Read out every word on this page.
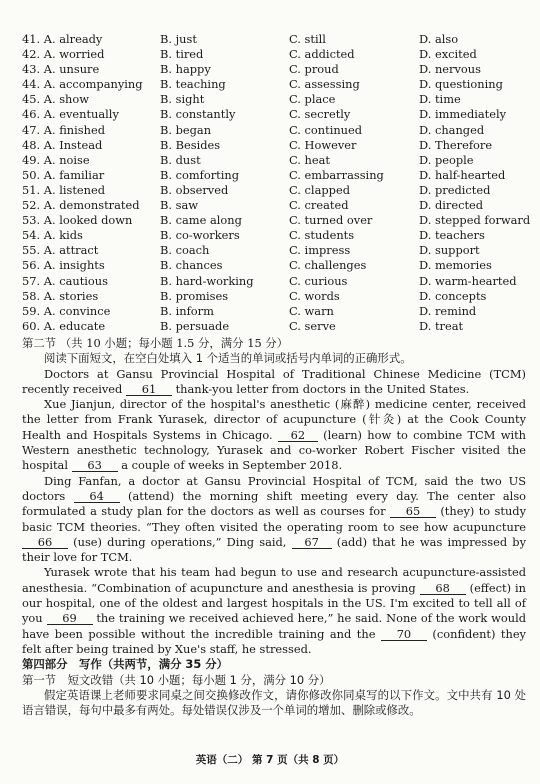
41. A. already	B. just	C. still	D. also
42. A. worried	B. tired	C. addicted	D. excited
43. A. unsure	B. happy	C. proud	D. nervous
44. A. accompanying	B. teaching	C. assessing	D. questioning
45. A. show	B. sight	C. place	D. time
46. A. eventually	B. constantly	C. secretly	D. immediately
47. A. finished	B. began	C. continued	D. changed
48. A. Instead	B. Besides	C. However	D. Therefore
49. A. noise	B. dust	C. heat	D. people
50. A. familiar	B. comforting	C. embarrassing	D. half-hearted
51. A. listened	B. observed	C. clapped	D. predicted
52. A. demonstrated	B. saw	C. created	D. directed
53. A. looked down	B. came along	C. turned over	D. stepped forward
54. A. kids	B. co-workers	C. students	D. teachers
55. A. attract	B. coach	C. impress	D. support
56. A. insights	B. chances	C. challenges	D. memories
57. A. cautious	B. hard-working	C. curious	D. warm-hearted
58. A. stories	B. promises	C. words	D. concepts
59. A. convince	B. inform	C. warn	D. remind
60. A. educate	B. persuade	C. serve	D. treat

第二节 （共 10 小题；每小题 1.5 分，满分 15 分）

阅读下面短文，在空白处填入 1 个适当的单词或括号内单词的正确形式。

Doctors at Gansu Provincial Hospital of Traditional Chinese Medicine (TCM) recently received 61 thank-you letter from doctors in the United States.

Xue Jianjun, director of the hospital's anesthetic (麻醉) medicine center, received the letter from Frank Yurasek, director of acupuncture (针灸) at the Cook County Health and Hospitals Systems in Chicago. 62 (learn) how to combine TCM with Western anesthetic technology, Yurasek and co-worker Robert Fischer visited the hospital 63 a couple of weeks in September 2018.

Ding Fanfan, a doctor at Gansu Provincial Hospital of TCM, said the two US doctors 64 (attend) the morning shift meeting every day. The center also formulated a study plan for the doctors as well as courses for 65 (they) to study basic TCM theories. “They often visited the operating room to see how acupuncture 66 (use) during operations,” Ding said, 67 (add) that he was impressed by their love for TCM.

Yurasek wrote that his team had begun to use and research acupuncture-assisted anesthesia. “Combination of acupuncture and anesthesia is proving 68 (effect) in our hospital, one of the oldest and largest hospitals in the US. I'm excited to tell all of you 69 the training we received achieved here,” he said. None of the work would have been possible without the incredible training and the 70 (confident) they felt after being trained by Xue's staff, he stressed.

第四部分　写作（共两节，满分 35 分）

第一节　短文改错（共 10 小题；每小题 1 分，满分 10 分）

假定英语课上老师要求同桌之间交换修改作文，请你修改你同桌写的以下作文。文中共有 10 处语言错误，每句中最多有两处。每处错误仅涉及一个单词的增加、删除或修改。

英语（二） 第 7 页（共 8 页）
